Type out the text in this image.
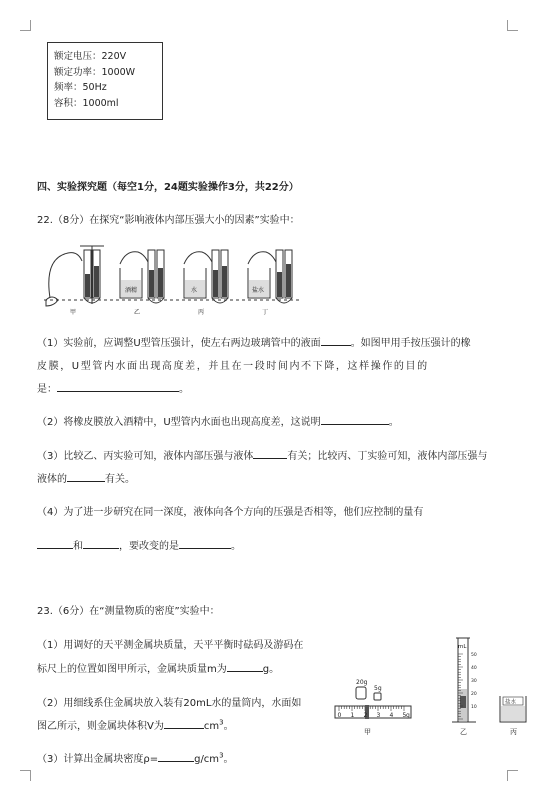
额定电压：220V
额定功率：1000W
频率：50Hz
容积：1000ml
四、实验探究题（每空1分，24题实验操作3分，共22分）
22.（8分）在探究“影响液体内部压强大小的因素”实验中：
酒精	水	盐水
甲	乙	丙	丁
（1）实验前，应调整U型管压强计，使左右两边玻璃管中的液面	。如图甲用手按压强计的橡
皮膜，U型管内水面出现高度差，并且在一段时间内不下降，这样操作的目的
是：	。
（2）将橡皮膜放入酒精中，U型管内水面也出现高度差，这说明	。
（3）比较乙、丙实验可知，液体内部压强与液体	有关；比较丙、丁实验可知，液体内部压强与
液体的	有关。
（4）为了进一步研究在同一深度，液体向各个方向的压强是否相等，他们应控制的量有
和	，要改变的是	。
23.（6分）在“测量物质的密度”实验中：
（1）用调好的天平测金属块质量，天平平衡时砝码及游码在
标尺上的位置如图甲所示，金属块质量m为	g。
（2）用细线系住金属块放入装有20mL水的量筒内，水面如
图乙所示，则金属块体积V为	$cm^3$。
（3）计算出金属块密度ρ=	$g/cm^3$。
20g
5g
0 1 2 3 4 5 g
甲
mL
50
40
30
20
10
乙
盐水
丙
